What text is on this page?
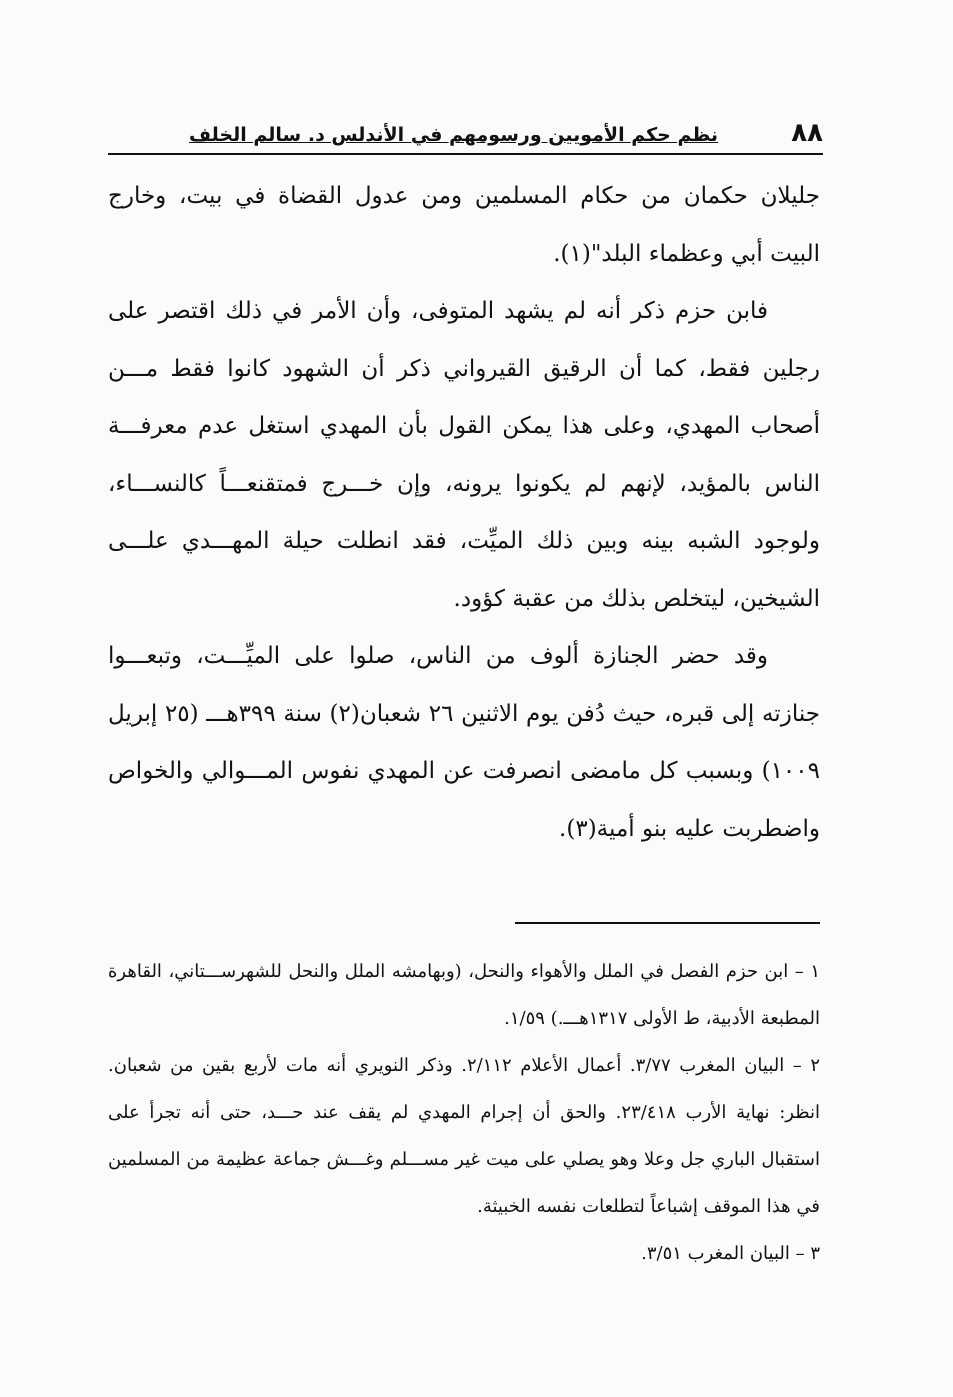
٨٨
نظم حكم الأمويين ورسومهم في الأندلس د. سالم الخلف

جليلان حكمان من حكام المسلمين ومن عدول القضاة في بيت، وخارج البيت أبي وعظماء البلد"(١).

فابن حزم ذكر أنه لم يشهد المتوفى، وأن الأمر في ذلك اقتصر على رجلين فقط، كما أن الرقيق القيرواني ذكر أن الشهود كانوا فقط مـــن أصحاب المهدي، وعلى هذا يمكن القول بأن المهدي استغل عدم معرفـــة الناس بالمؤيد، لإنهم لم يكونوا يرونه، وإن خـــرج فمتقنعـــاً كالنســـاء، ولوجود الشبه بينه وبين ذلك الميِّت، فقد انطلت حيلة المهـــدي علـــى الشيخين، ليتخلص بذلك من عقبة كؤود.

وقد حضر الجنازة ألوف من الناس، صلوا على الميِّـــت، وتبعـــوا جنازته إلى قبره، حيث دُفن يوم الاثنين ٢٦ شعبان(٢) سنة ٣٩٩هـــ (٢٥ إبريل ١٠٠٩) وبسبب كل مامضى انصرفت عن المهدي نفوس المـــوالي والخواص واضطربت عليه بنو أمية(٣).

١ – ابن حزم الفصل في الملل والأهواء والنحل، (وبهامشه الملل والنحل للشهرســـتاني، القاهرة المطبعة الأدبية، ط الأولى ١٣١٧هـــ.) ١/٥٩.

٢ – البيان المغرب ٣/٧٧. أعمال الأعلام ٢/١١٢. وذكر النويري أنه مات لأربع بقين من شعبان. انظر: نهاية الأرب ٢٣/٤١٨. والحق أن إجرام المهدي لم يقف عند حـــد، حتى أنه تجرأ على استقبال الباري جل وعلا وهو يصلي على ميت غير مســـلم وغـــش جماعة عظيمة من المسلمين في هذا الموقف إشباعاً لتطلعات نفسه الخبيثة.

٣ – البيان المغرب ٣/٥١.
